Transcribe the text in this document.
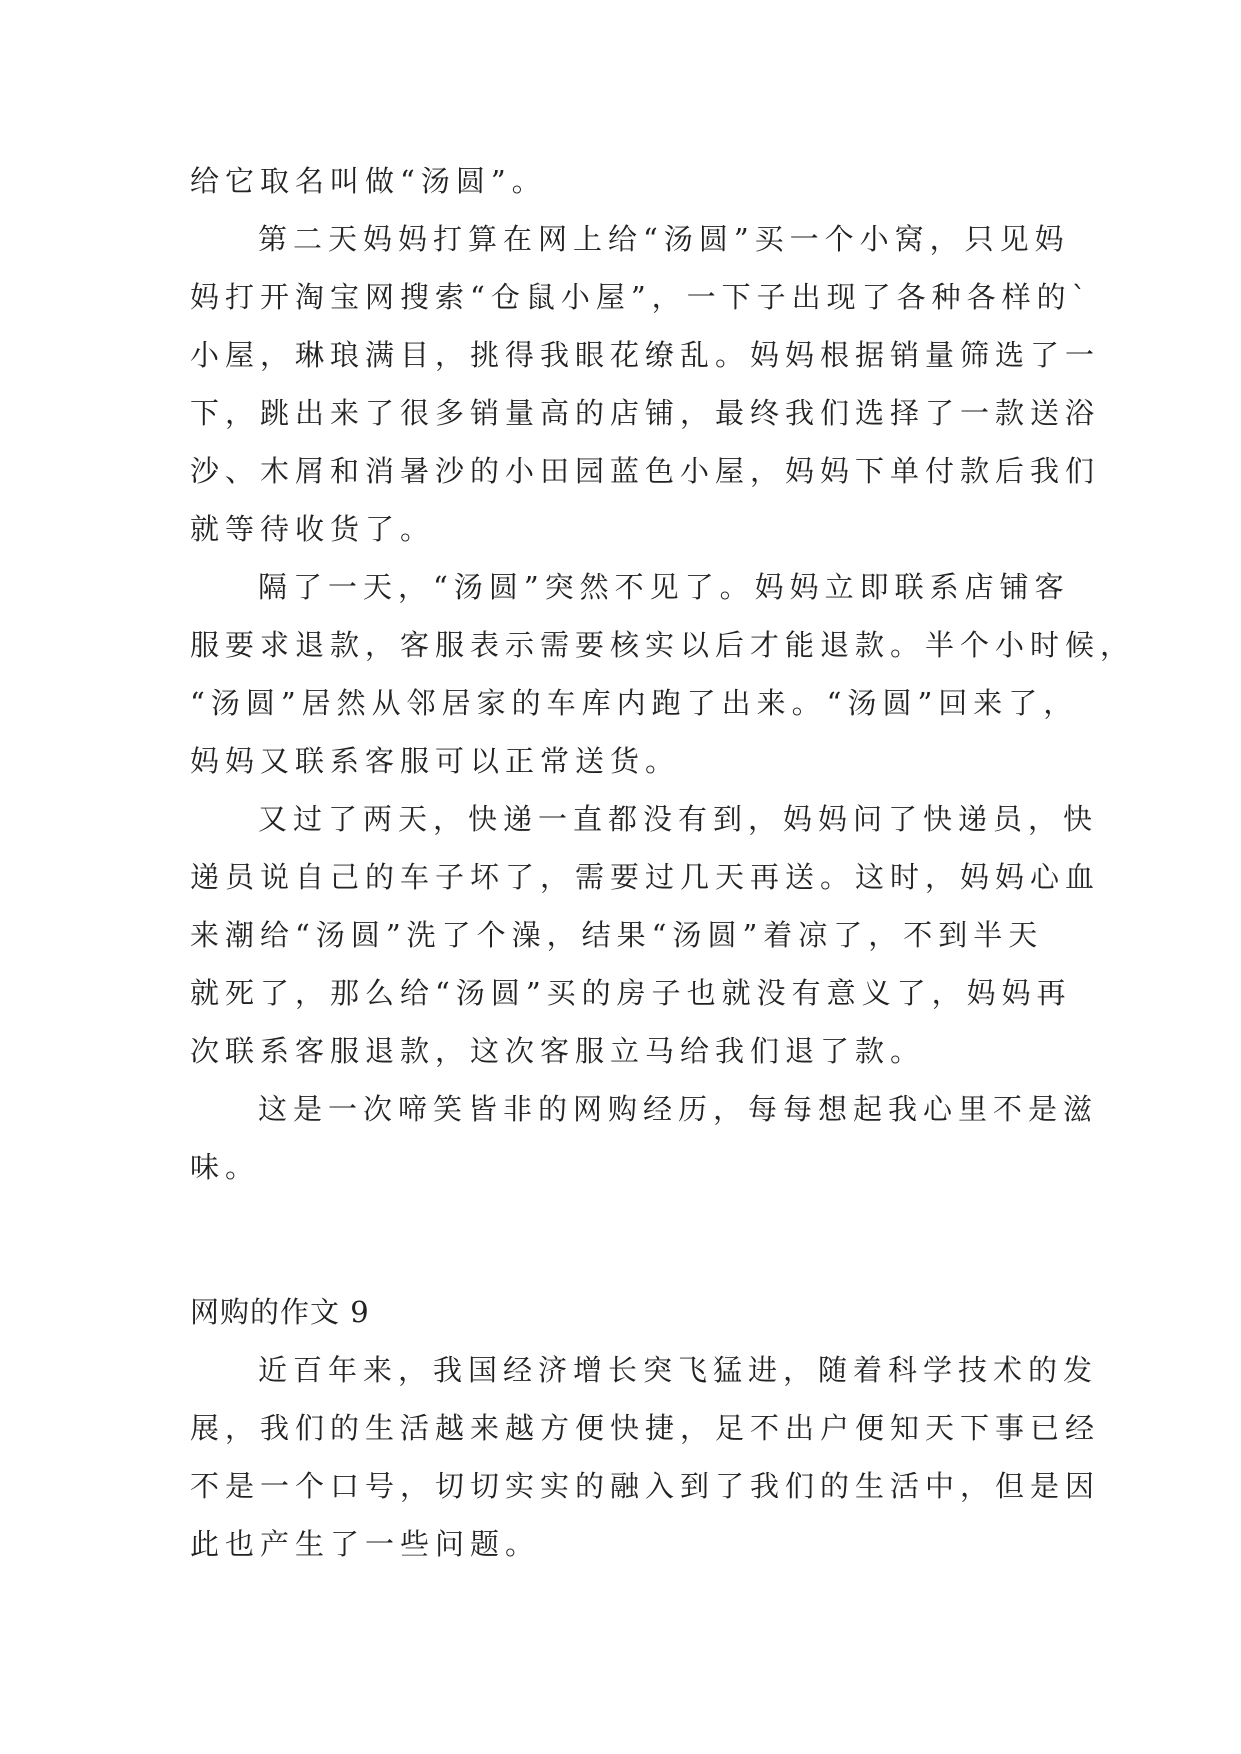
给它取名叫做“汤圆”。
第二天妈妈打算在网上给“汤圆”买一个小窝，只见妈
妈打开淘宝网搜索“仓鼠小屋”，一下子出现了各种各样的`
小屋，琳琅满目，挑得我眼花缭乱。妈妈根据销量筛选了一
下，跳出来了很多销量高的店铺，最终我们选择了一款送浴
沙、木屑和消暑沙的小田园蓝色小屋，妈妈下单付款后我们
就等待收货了。
隔了一天，“汤圆”突然不见了。妈妈立即联系店铺客
服要求退款，客服表示需要核实以后才能退款。半个小时候，
“汤圆”居然从邻居家的车库内跑了出来。“汤圆”回来了，
妈妈又联系客服可以正常送货。
又过了两天，快递一直都没有到，妈妈问了快递员，快
递员说自己的车子坏了，需要过几天再送。这时，妈妈心血
来潮给“汤圆”洗了个澡，结果“汤圆”着凉了，不到半天
就死了，那么给“汤圆”买的房子也就没有意义了，妈妈再
次联系客服退款，这次客服立马给我们退了款。
这是一次啼笑皆非的网购经历，每每想起我心里不是滋
味。
网购的作文 9
近百年来，我国经济增长突飞猛进，随着科学技术的发
展，我们的生活越来越方便快捷，足不出户便知天下事已经
不是一个口号，切切实实的融入到了我们的生活中，但是因
此也产生了一些问题。
